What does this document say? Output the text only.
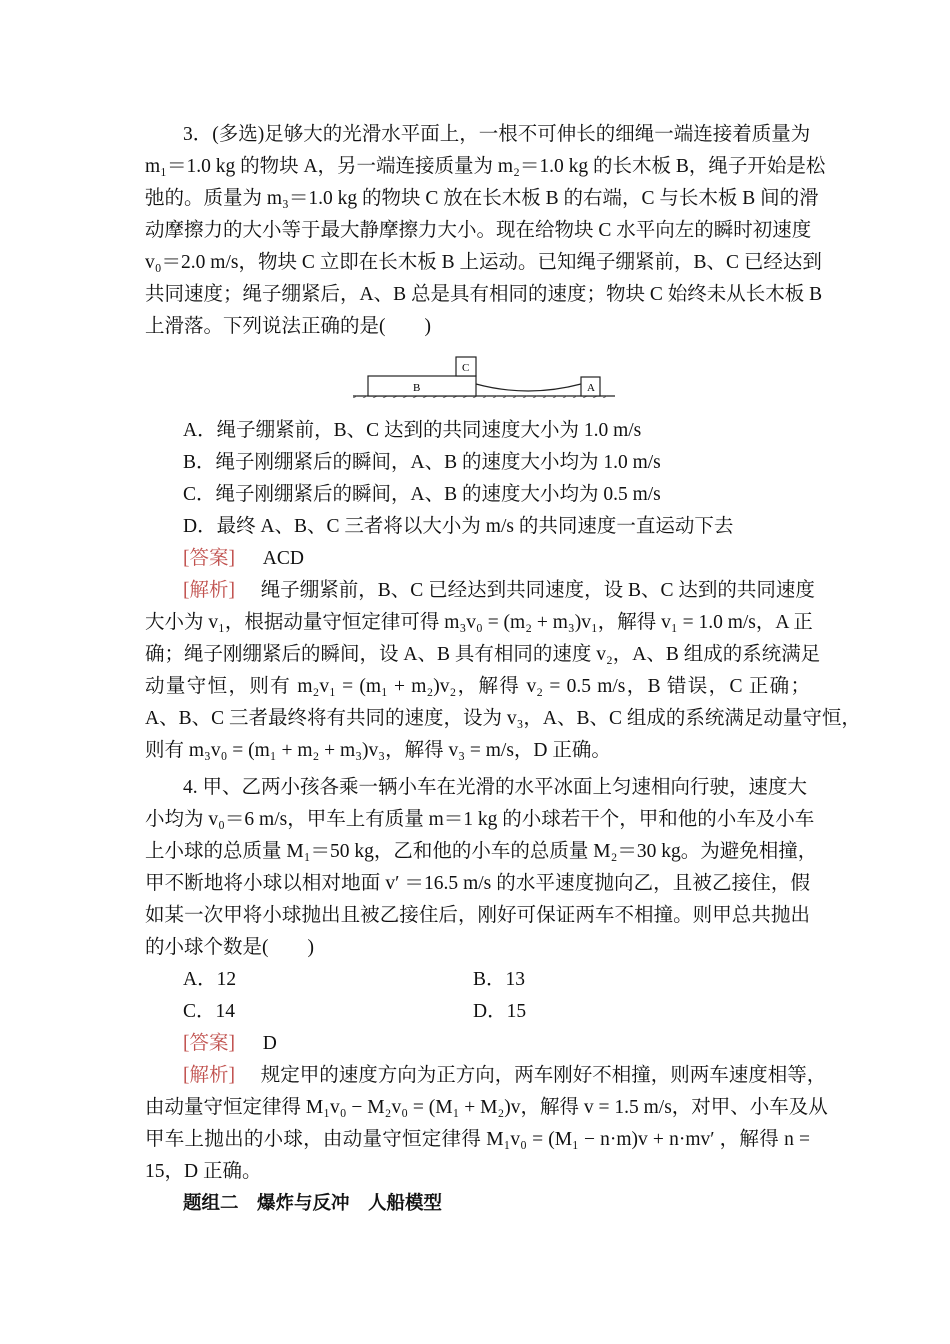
3．(多选)足够大的光滑水平面上，一根不可伸长的细绳一端连接着质量为
m₁＝1.0 kg 的物块 A，另一端连接质量为 m₂＝1.0 kg 的长木板 B，绳子开始是松
弛的。质量为 m₃＝1.0 kg 的物块 C 放在长木板 B 的右端，C 与长木板 B 间的滑
动摩擦力的大小等于最大静摩擦力大小。现在给物块 C 水平向左的瞬时初速度
v₀＝2.0 m/s，物块 C 立即在长木板 B 上运动。已知绳子绷紧前，B、C 已经达到
共同速度；绳子绷紧后，A、B 总是具有相同的速度；物块 C 始终未从长木板 B
上滑落。下列说法正确的是(　　)
B
C
A
A．绳子绷紧前，B、C 达到的共同速度大小为 1.0 m/s
B．绳子刚绷紧后的瞬间，A、B 的速度大小均为 1.0 m/s
C．绳子刚绷紧后的瞬间，A、B 的速度大小均为 0.5 m/s
D．最终 A、B、C 三者将以大小为 m/s 的共同速度一直运动下去
[答案] ACD
[解析] 绳子绷紧前，B、C 已经达到共同速度，设 B、C 达到的共同速度
大小为 v₁，根据动量守恒定律可得 m₃v₀ = (m₂ + m₃)v₁，解得 v₁ = 1.0 m/s，A 正
确；绳子刚绷紧后的瞬间，设 A、B 具有相同的速度 v₂，A、B 组成的系统满足
动量守恒，则有 m₂v₁ = (m₁ + m₂)v₂，解得 v₂ = 0.5 m/s，B 错误，C 正确；
A、B、C 三者最终将有共同的速度，设为 v₃，A、B、C 组成的系统满足动量守恒，
则有 m₃v₀ = (m₁ + m₂ + m₃)v₃，解得 v₃ = m/s，D 正确。
4. 甲、乙两小孩各乘一辆小车在光滑的水平冰面上匀速相向行驶，速度大
小均为 v₀＝6 m/s，甲车上有质量 m＝1 kg 的小球若干个，甲和他的小车及小车
上小球的总质量 M₁＝50 kg，乙和他的小车的总质量 M₂＝30 kg。为避免相撞，
甲不断地将小球以相对地面 v′ ＝16.5 m/s 的水平速度抛向乙，且被乙接住，假
如某一次甲将小球抛出且被乙接住后，刚好可保证两车不相撞。则甲总共抛出
的小球个数是(　　)
A．12	B．13
C．14	D．15
[答案] D
[解析] 规定甲的速度方向为正方向，两车刚好不相撞，则两车速度相等，
由动量守恒定律得 M₁v₀ − M₂v₀ = (M₁ + M₂)v，解得 v = 1.5 m/s，对甲、小车及从
甲车上抛出的小球，由动量守恒定律得 M₁v₀ = (M₁ − n·m)v + n·mv′ ，解得 n =
15，D 正确。
题组二　爆炸与反冲　人船模型
